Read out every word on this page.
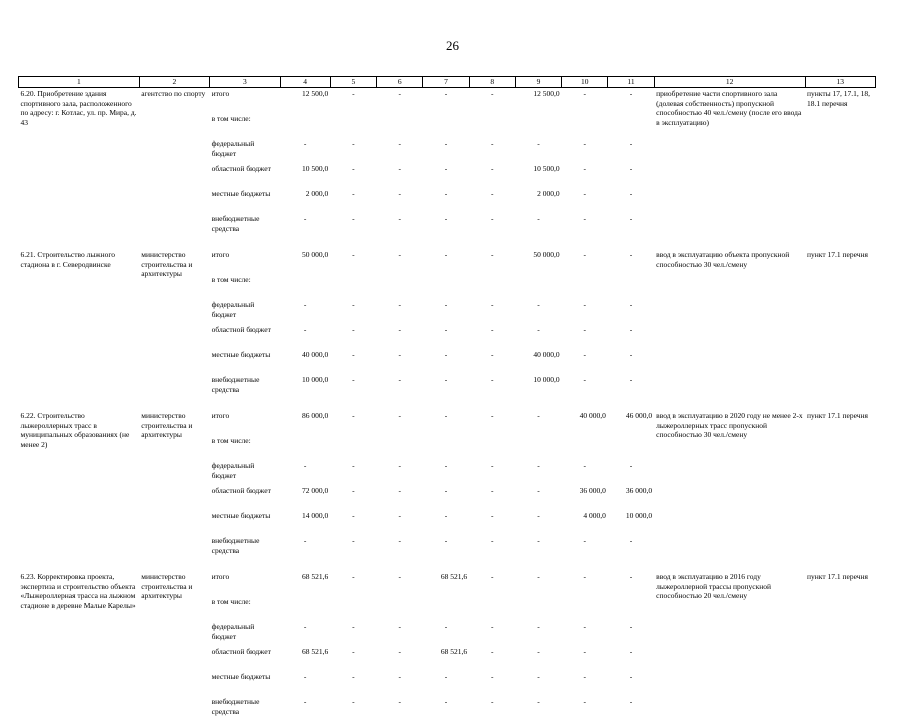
26
1	2	3	4	5	6	7	8	9	10	11	12	13
6.20. Приобретение здания спортивного зала, расположенного по адресу: г. Котлас, ул. пр. Мира, д. 43	агентство по спорту	итого	12 500,0	-	-	-	-	12 500,0	-	-	приобретение части спортивного зала (долевая собственность) пропускной способностью 40 чел./смену (после его ввода в эксплуатацию)	пункты 17, 17.1, 18, 18.1 перечня
		в том числе:										
		федеральный бюджет	-	-	-	-	-	-	-	-		
		областной бюджет	10 500,0	-	-	-	-	10 500,0	-	-		
		местные бюджеты	2 000,0	-	-	-	-	2 000,0	-	-		
		внебюджетные средства	-	-	-	-	-	-	-	-		

6.21. Строительство лыжного стадиона в г. Северодвинске	министерство строительства и архитектуры	итого	50 000,0	-	-	-	-	50 000,0	-	-	ввод в эксплуатацию объекта пропускной способностью 30 чел./смену	пункт 17.1 перечня
		в том числе:										
		федеральный бюджет	-	-	-	-	-	-	-	-		
		областной бюджет	-	-	-	-	-	-	-	-		
		местные бюджеты	40 000,0	-	-	-	-	40 000,0	-	-		
		внебюджетные средства	10 000,0	-	-	-	-	10 000,0	-	-		

6.22. Строительство лыжероллерных трасс в муниципальных образованиях (не менее 2)	министерство строительства и архитектуры	итого	86 000,0	-	-	-	-	-	40 000,0	46 000,0	ввод в эксплуатацию в 2020 году не менее 2-х лыжероллерных трасс пропускной способностью 30 чел./смену	пункт 17.1 перечня
		в том числе:										
		федеральный бюджет	-	-	-	-	-	-	-	-		
		областной бюджет	72 000,0	-	-	-	-	-	36 000,0	36 000,0		
		местные бюджеты	14 000,0	-	-	-	-	-	4 000,0	10 000,0		
		внебюджетные средства	-	-	-	-	-	-	-	-		

6.23. Корректировка проекта, экспертиза и строительство объекта «Лыжероллерная трасса на лыжном стадионе в деревне Малые Карелы»	министерство строительства и архитектуры	итого	68 521,6	-	-	68 521,6	-	-	-	-	ввод в эксплуатацию в 2016 году лыжероллерной трассы пропускной способностью 20 чел./смену	пункт 17.1 перечня
		в том числе:										
		федеральный бюджет	-	-	-	-	-	-	-	-		
		областной бюджет	68 521,6	-	-	68 521,6	-	-	-	-		
		местные бюджеты	-	-	-	-	-	-	-	-		
		внебюджетные средства	-	-	-	-	-	-	-	-		
